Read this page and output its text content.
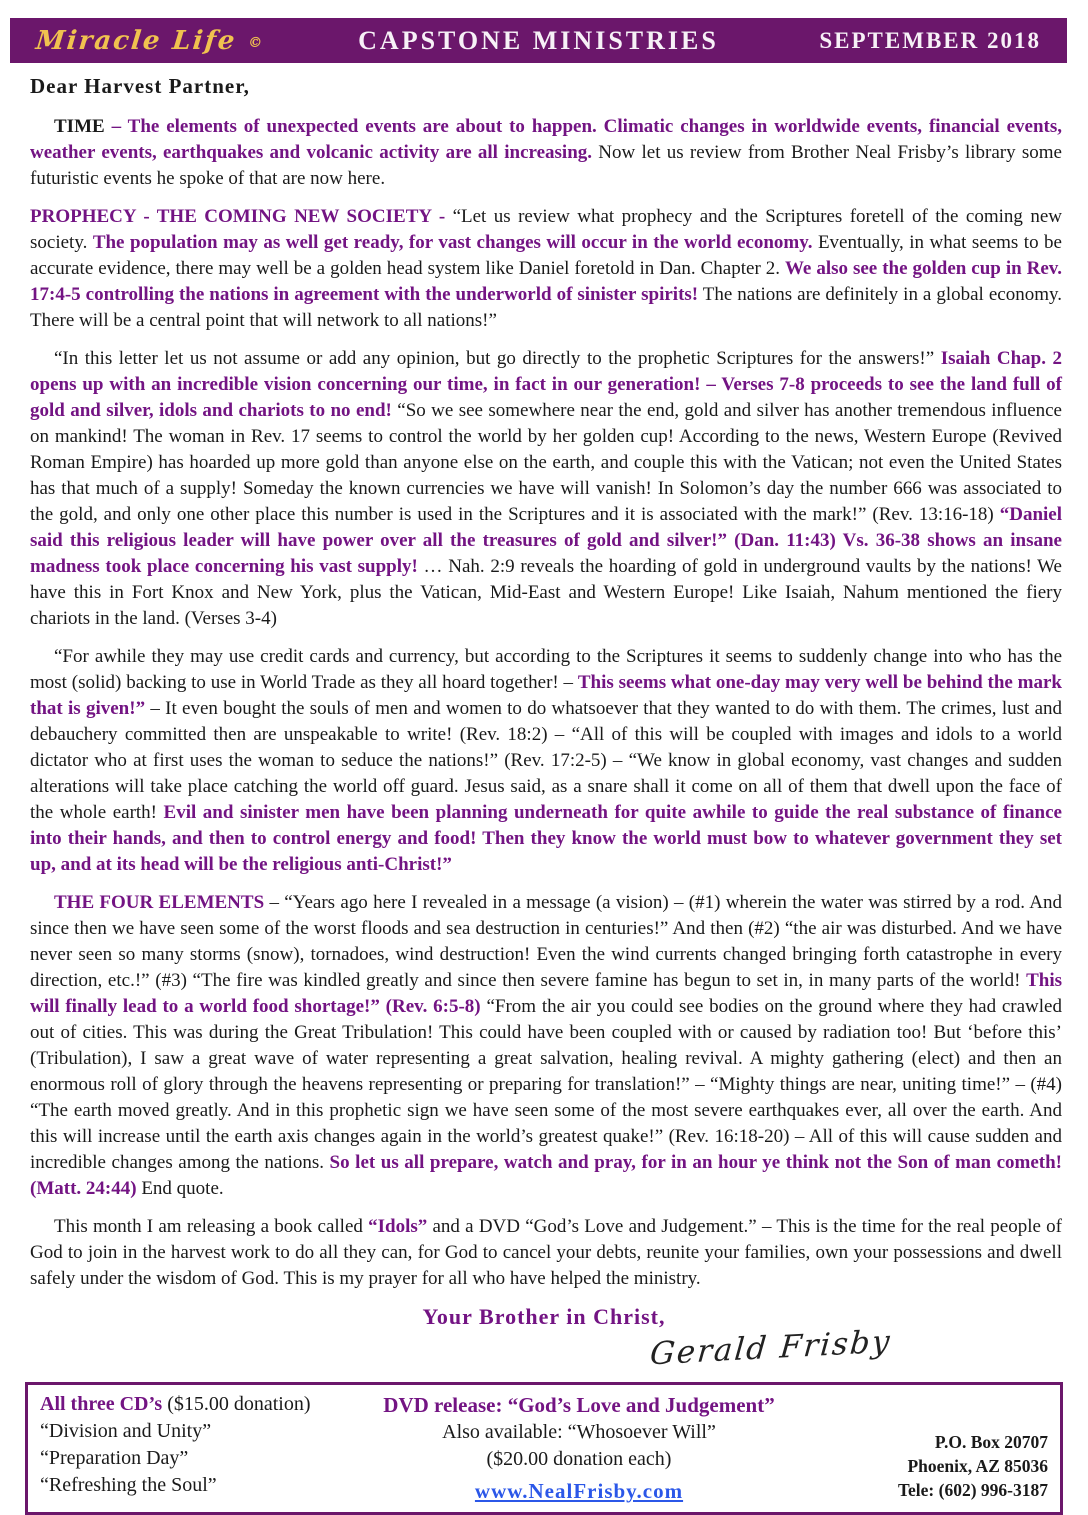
Miracle Life ©	CAPSTONE MINISTRIES	SEPTEMBER 2018
Dear Harvest Partner,

TIME – The elements of unexpected events are about to happen. Climatic changes in worldwide events, financial events, weather events, earthquakes and volcanic activity are all increasing. Now let us review from Brother Neal Frisby’s library some futuristic events he spoke of that are now here.

PROPHECY - THE COMING NEW SOCIETY - “Let us review what prophecy and the Scriptures foretell of the coming new society. The population may as well get ready, for vast changes will occur in the world economy. Eventually, in what seems to be accurate evidence, there may well be a golden head system like Daniel foretold in Dan. Chapter 2. We also see the golden cup in Rev. 17:4-5 controlling the nations in agreement with the underworld of sinister spirits! The nations are definitely in a global economy. There will be a central point that will network to all nations!”

“In this letter let us not assume or add any opinion, but go directly to the prophetic Scriptures for the answers!” Isaiah Chap. 2 opens up with an incredible vision concerning our time, in fact in our generation! – Verses 7-8 proceeds to see the land full of gold and silver, idols and chariots to no end! “So we see somewhere near the end, gold and silver has another tremendous influence on mankind! The woman in Rev. 17 seems to control the world by her golden cup! According to the news, Western Europe (Revived Roman Empire) has hoarded up more gold than anyone else on the earth, and couple this with the Vatican; not even the United States has that much of a supply! Someday the known currencies we have will vanish! In Solomon’s day the number 666 was associated to the gold, and only one other place this number is used in the Scriptures and it is associated with the mark!” (Rev. 13:16-18) “Daniel said this religious leader will have power over all the treasures of gold and silver!” (Dan. 11:43) Vs. 36-38 shows an insane madness took place concerning his vast supply! … Nah. 2:9 reveals the hoarding of gold in underground vaults by the nations! We have this in Fort Knox and New York, plus the Vatican, Mid-East and Western Europe! Like Isaiah, Nahum mentioned the fiery chariots in the land. (Verses 3-4)

“For awhile they may use credit cards and currency, but according to the Scriptures it seems to suddenly change into who has the most (solid) backing to use in World Trade as they all hoard together! – This seems what one-day may very well be behind the mark that is given!” – It even bought the souls of men and women to do whatsoever that they wanted to do with them. The crimes, lust and debauchery committed then are unspeakable to write! (Rev. 18:2) – “All of this will be coupled with images and idols to a world dictator who at first uses the woman to seduce the nations!” (Rev. 17:2-5) – “We know in global economy, vast changes and sudden alterations will take place catching the world off guard. Jesus said, as a snare shall it come on all of them that dwell upon the face of the whole earth! Evil and sinister men have been planning underneath for quite awhile to guide the real substance of finance into their hands, and then to control energy and food! Then they know the world must bow to whatever government they set up, and at its head will be the religious anti-Christ!”

THE FOUR ELEMENTS – “Years ago here I revealed in a message (a vision) – (#1) wherein the water was stirred by a rod. And since then we have seen some of the worst floods and sea destruction in centuries!” And then (#2) “the air was disturbed. And we have never seen so many storms (snow), tornadoes, wind destruction! Even the wind currents changed bringing forth catastrophe in every direction, etc.!” (#3) “The fire was kindled greatly and since then severe famine has begun to set in, in many parts of the world! This will finally lead to a world food shortage!” (Rev. 6:5-8) “From the air you could see bodies on the ground where they had crawled out of cities. This was during the Great Tribulation! This could have been coupled with or caused by radiation too! But ‘before this’ (Tribulation), I saw a great wave of water representing a great salvation, healing revival. A mighty gathering (elect) and then an enormous roll of glory through the heavens representing or preparing for translation!” – “Mighty things are near, uniting time!” – (#4) “The earth moved greatly. And in this prophetic sign we have seen some of the most severe earthquakes ever, all over the earth. And this will increase until the earth axis changes again in the world’s greatest quake!” (Rev. 16:18-20) – All of this will cause sudden and incredible changes among the nations. So let us all prepare, watch and pray, for in an hour ye think not the Son of man cometh! (Matt. 24:44) End quote.

This month I am releasing a book called “Idols” and a DVD “God’s Love and Judgement.” – This is the time for the real people of God to join in the harvest work to do all they can, for God to cancel your debts, reunite your families, own your possessions and dwell safely under the wisdom of God. This is my prayer for all who have helped the ministry.

Your Brother in Christ,
Gerald Frisby
All three CD’s ($15.00 donation)
“Division and Unity”
“Preparation Day”
“Refreshing the Soul”
DVD release: “God’s Love and Judgement”
Also available: “Whosoever Will”
($20.00 donation each)
www.NealFrisby.com
P.O. Box 20707
Phoenix, AZ 85036
Tele: (602) 996-3187
